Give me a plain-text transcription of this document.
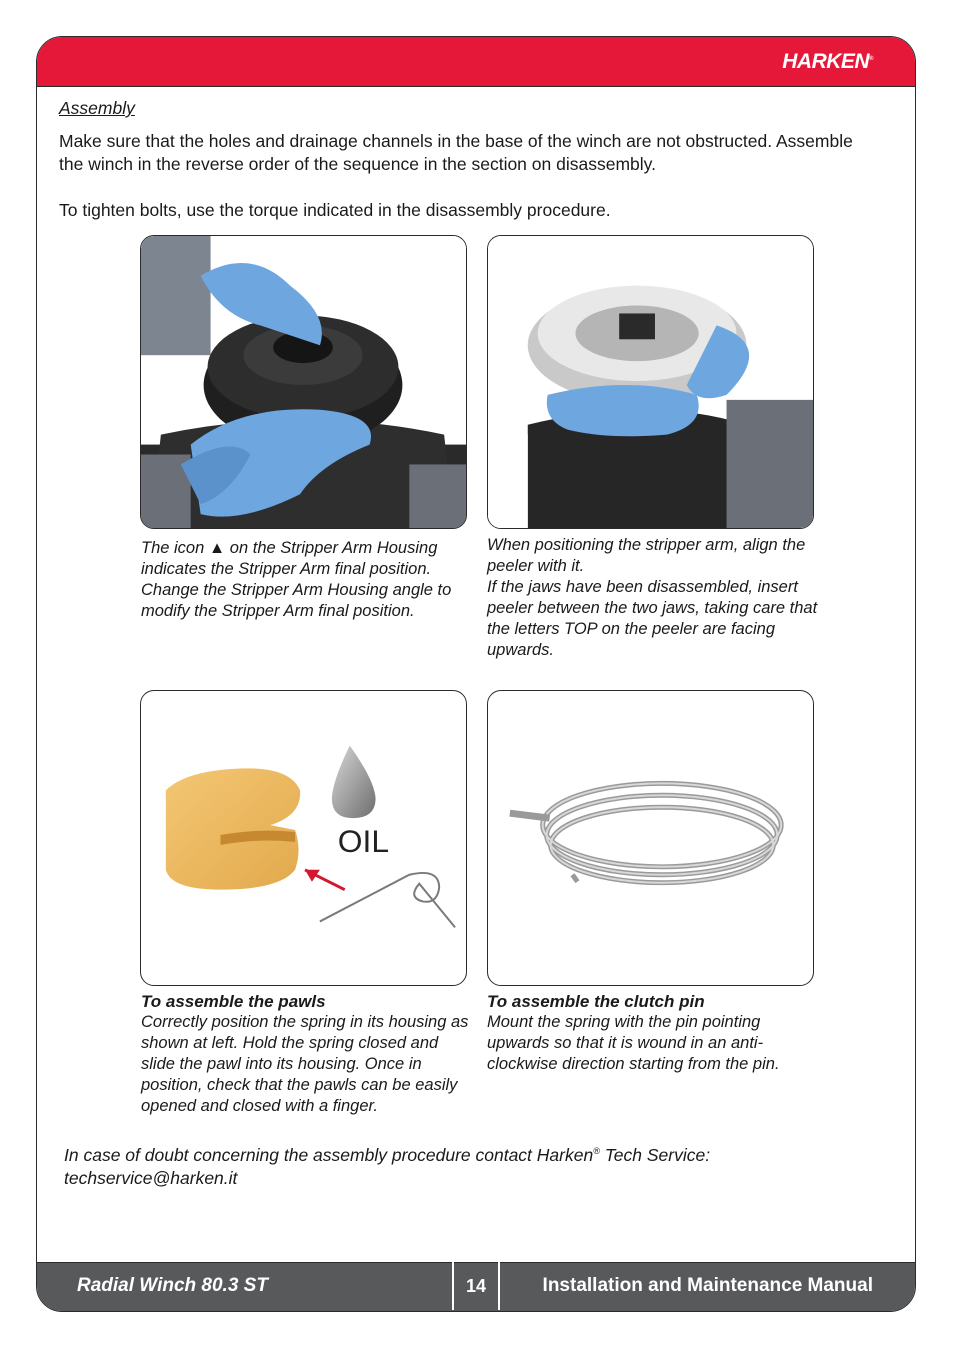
HARKEN®
Radial Winch 80.3 ST	14	Installation and Maintenance Manual

Assembly

Make sure that the holes and drainage channels in the base of the winch are not obstructed. Assemble the winch in the reverse order of the sequence in the section on disassembly.

To tighten bolts, use the torque indicated in the disassembly procedure.

The icon ▲ on the Stripper Arm Housing indicates the Stripper Arm final position. Change the Stripper Arm Housing angle to modify the Stripper Arm final position.

When positioning the stripper arm, align the peeler with it.
If the jaws have been disassembled, insert peeler between the two jaws, taking care that the letters TOP on the peeler are facing upwards.

OIL

To assemble the pawls
Correctly position the spring in its housing as shown at left. Hold the spring closed and slide the pawl into its housing. Once in position, check that the pawls can be easily opened and closed with a finger.

To assemble the clutch pin
Mount the spring with the pin pointing upwards so that it is wound in an anti-clockwise direction starting from the pin.

In case of doubt concerning the assembly procedure contact Harken® Tech Service:
techservice@harken.it
